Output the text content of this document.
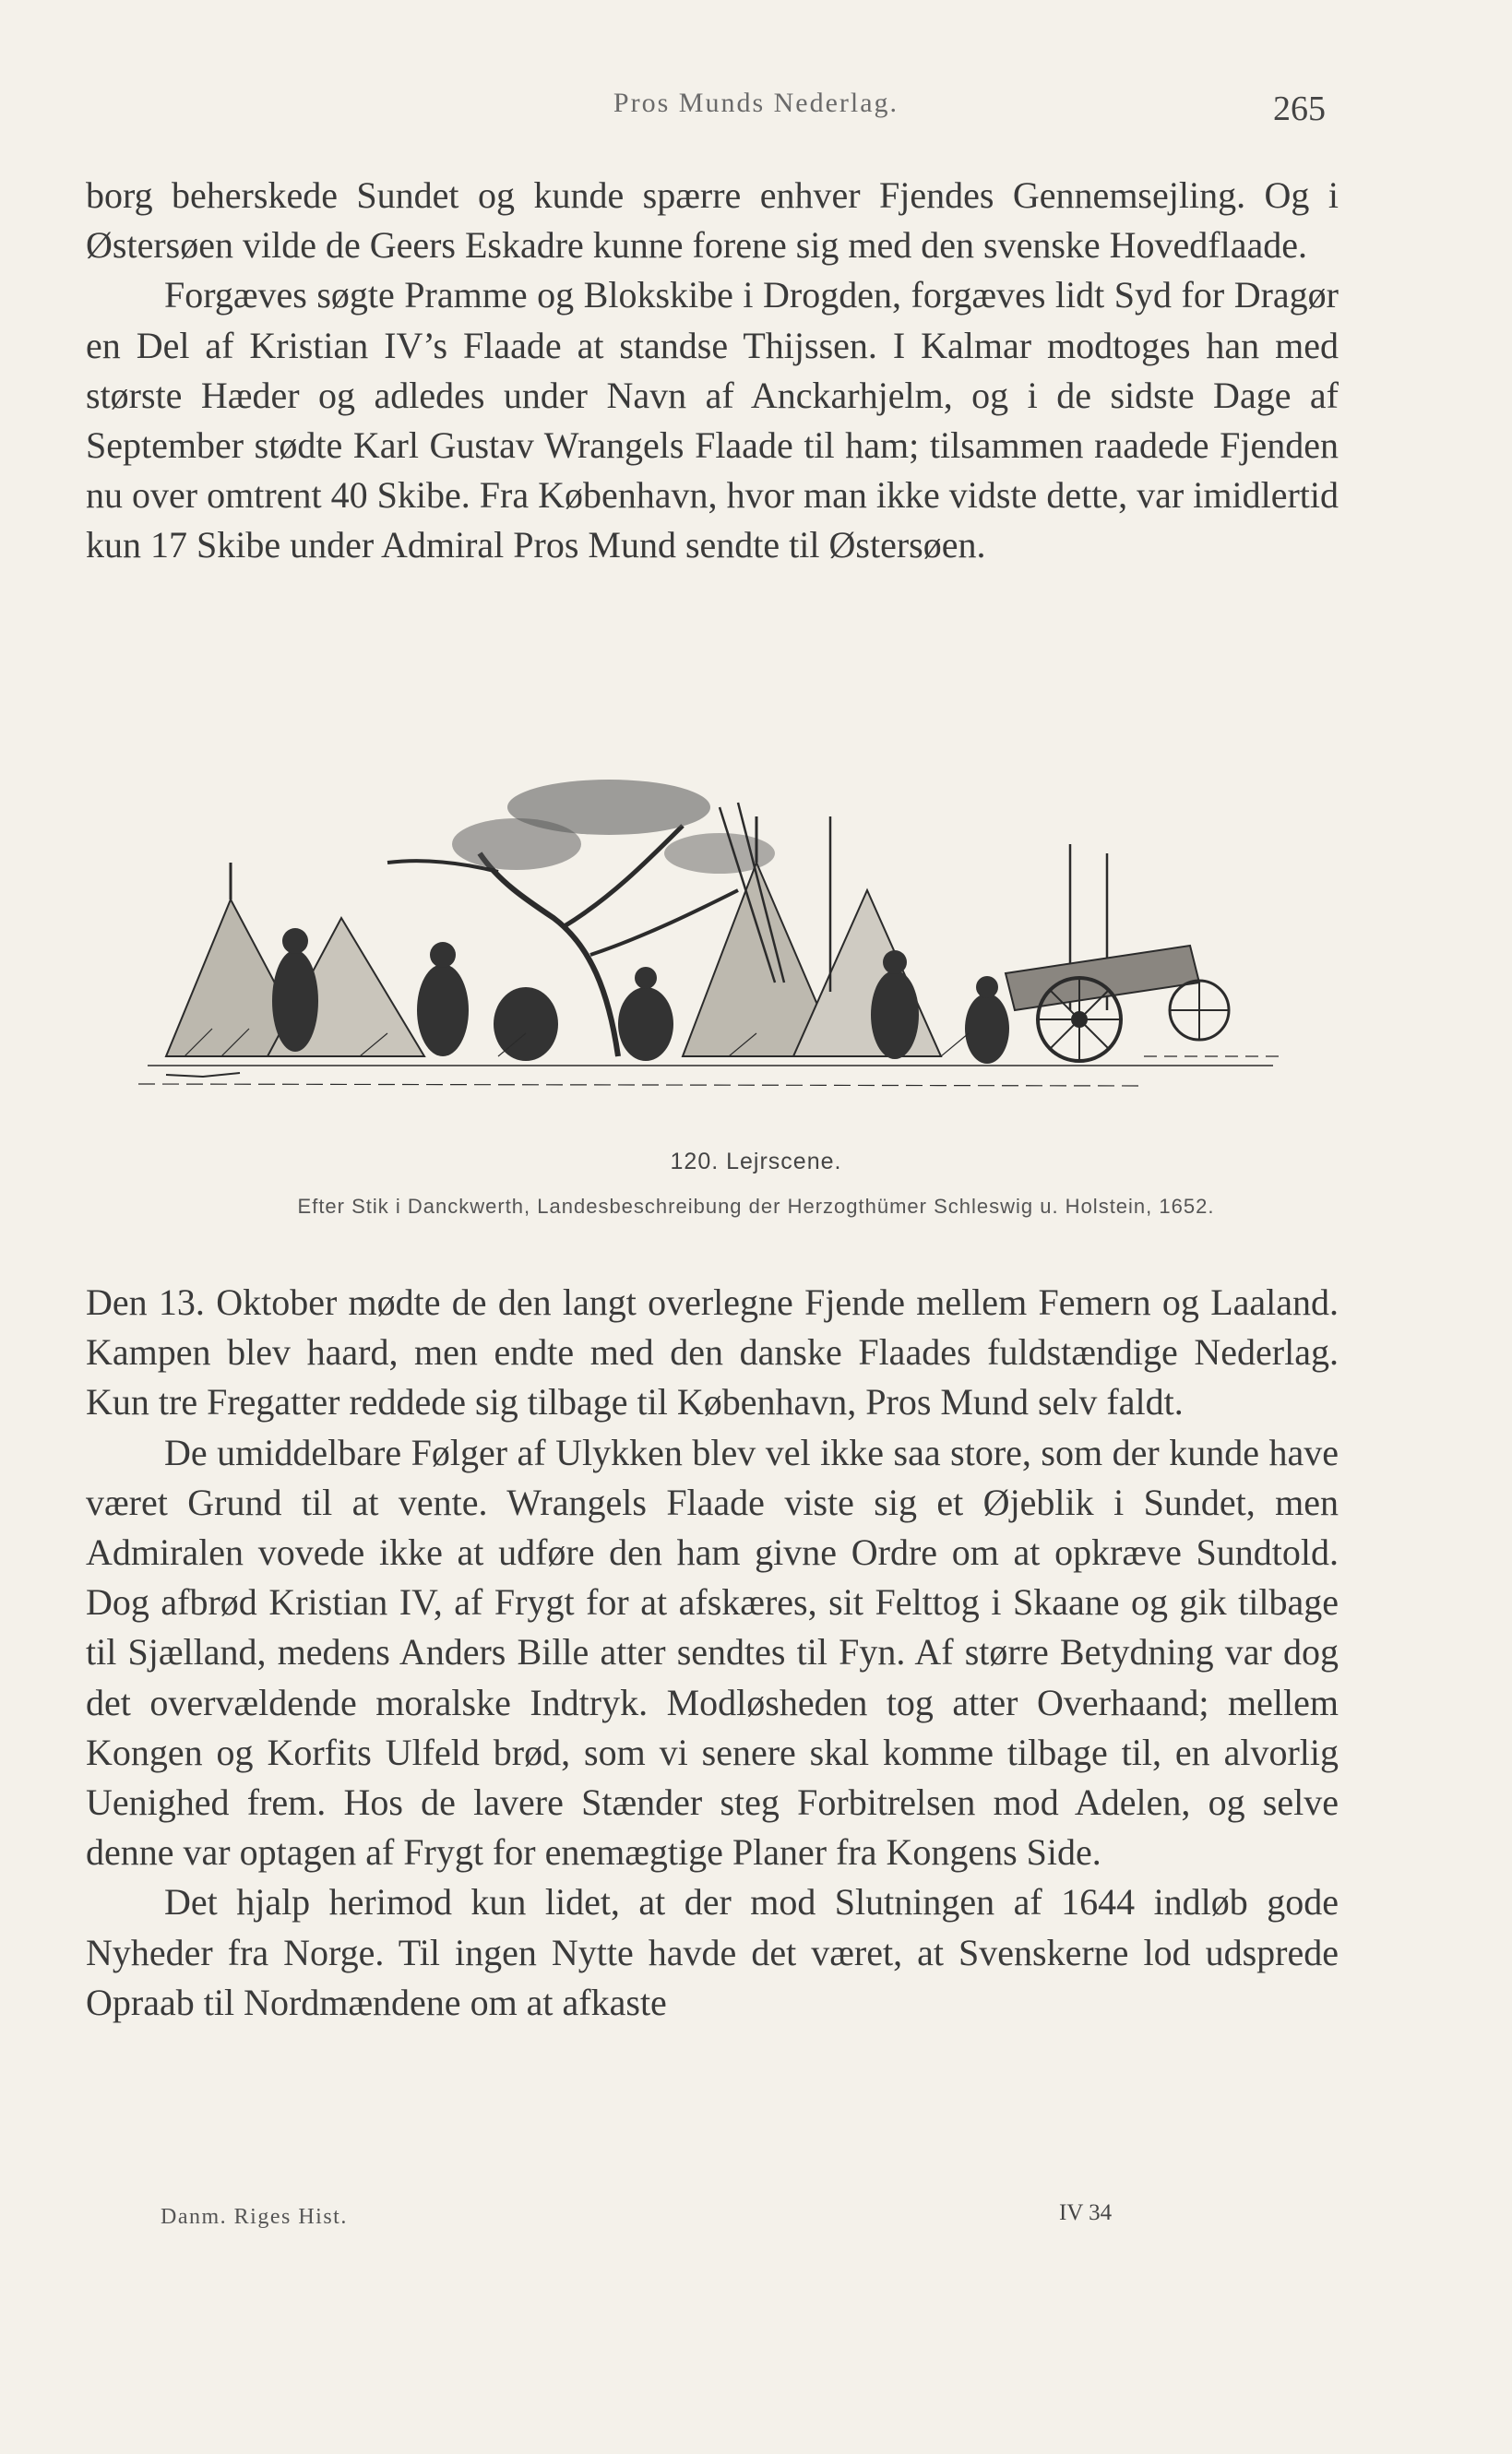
Pros Munds Nederlag.	265

borg beherskede Sundet og kunde spærre enhver Fjendes Gennemsejling. Og i Østersøen vilde de Geers Eskadre kunne forene sig med den svenske Hovedflaade.

Forgæves søgte Pramme og Blokskibe i Drogden, forgæves lidt Syd for Dragør en Del af Kristian IV’s Flaade at standse Thijssen. I Kalmar modtoges han med største Hæder og adledes under Navn af Anckarhjelm, og i de sidste Dage af September stødte Karl Gustav Wrangels Flaade til ham; tilsammen raadede Fjenden nu over omtrent 40 Skibe. Fra København, hvor man ikke vidste dette, var imidlertid kun 17 Skibe under Admiral Pros Mund sendte til Østersøen.

120. Lejrscene.
Efter Stik i Danckwerth, Landesbeschreibung der Herzogthümer Schleswig u. Holstein, 1652.

Den 13. Oktober mødte de den langt overlegne Fjende mellem Femern og Laaland. Kampen blev haard, men endte med den danske Flaades fuldstændige Nederlag. Kun tre Fregatter reddede sig tilbage til København, Pros Mund selv faldt.

De umiddelbare Følger af Ulykken blev vel ikke saa store, som der kunde have været Grund til at vente. Wrangels Flaade viste sig et Øjeblik i Sundet, men Admiralen vovede ikke at udføre den ham givne Ordre om at opkræve Sundtold. Dog afbrød Kristian IV, af Frygt for at afskæres, sit Felttog i Skaane og gik tilbage til Sjælland, medens Anders Bille atter sendtes til Fyn. Af større Betydning var dog det overvældende moralske Indtryk. Modløsheden tog atter Overhaand; mellem Kongen og Korfits Ulfeld brød, som vi senere skal komme tilbage til, en alvorlig Uenighed frem. Hos de lavere Stænder steg Forbitrelsen mod Adelen, og selve denne var optagen af Frygt for enemægtige Planer fra Kongens Side.

Det hjalp herimod kun lidet, at der mod Slutningen af 1644 indløb gode Nyheder fra Norge. Til ingen Nytte havde det været, at Svenskerne lod udsprede Opraab til Nordmændene om at afkaste

Danm. Riges Hist.	IV 34
